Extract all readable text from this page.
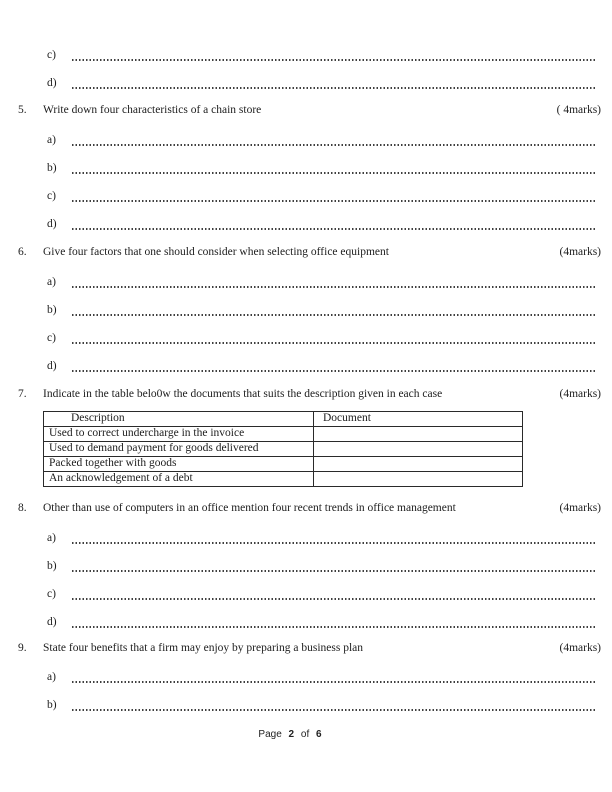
c)
d)
5. Write down four characteristics of a chain store	( 4marks)
a)
b)
c)
d)
6. Give four factors that one should consider when selecting office equipment	(4marks)
a)
b)
c)
d)
7. Indicate in the table belo0w the documents that suits the description given in each case	(4marks)
Description	Document
Used to correct undercharge in the invoice	
Used to demand payment for goods delivered	
Packed together with goods	
An acknowledgement of a debt	
8. Other than use of computers in an office mention four recent trends in office management	(4marks)
a)
b)
c)
d)
9. State four benefits that a firm may enjoy by preparing a business plan	(4marks)
a)
b)
Page 2 of 6
